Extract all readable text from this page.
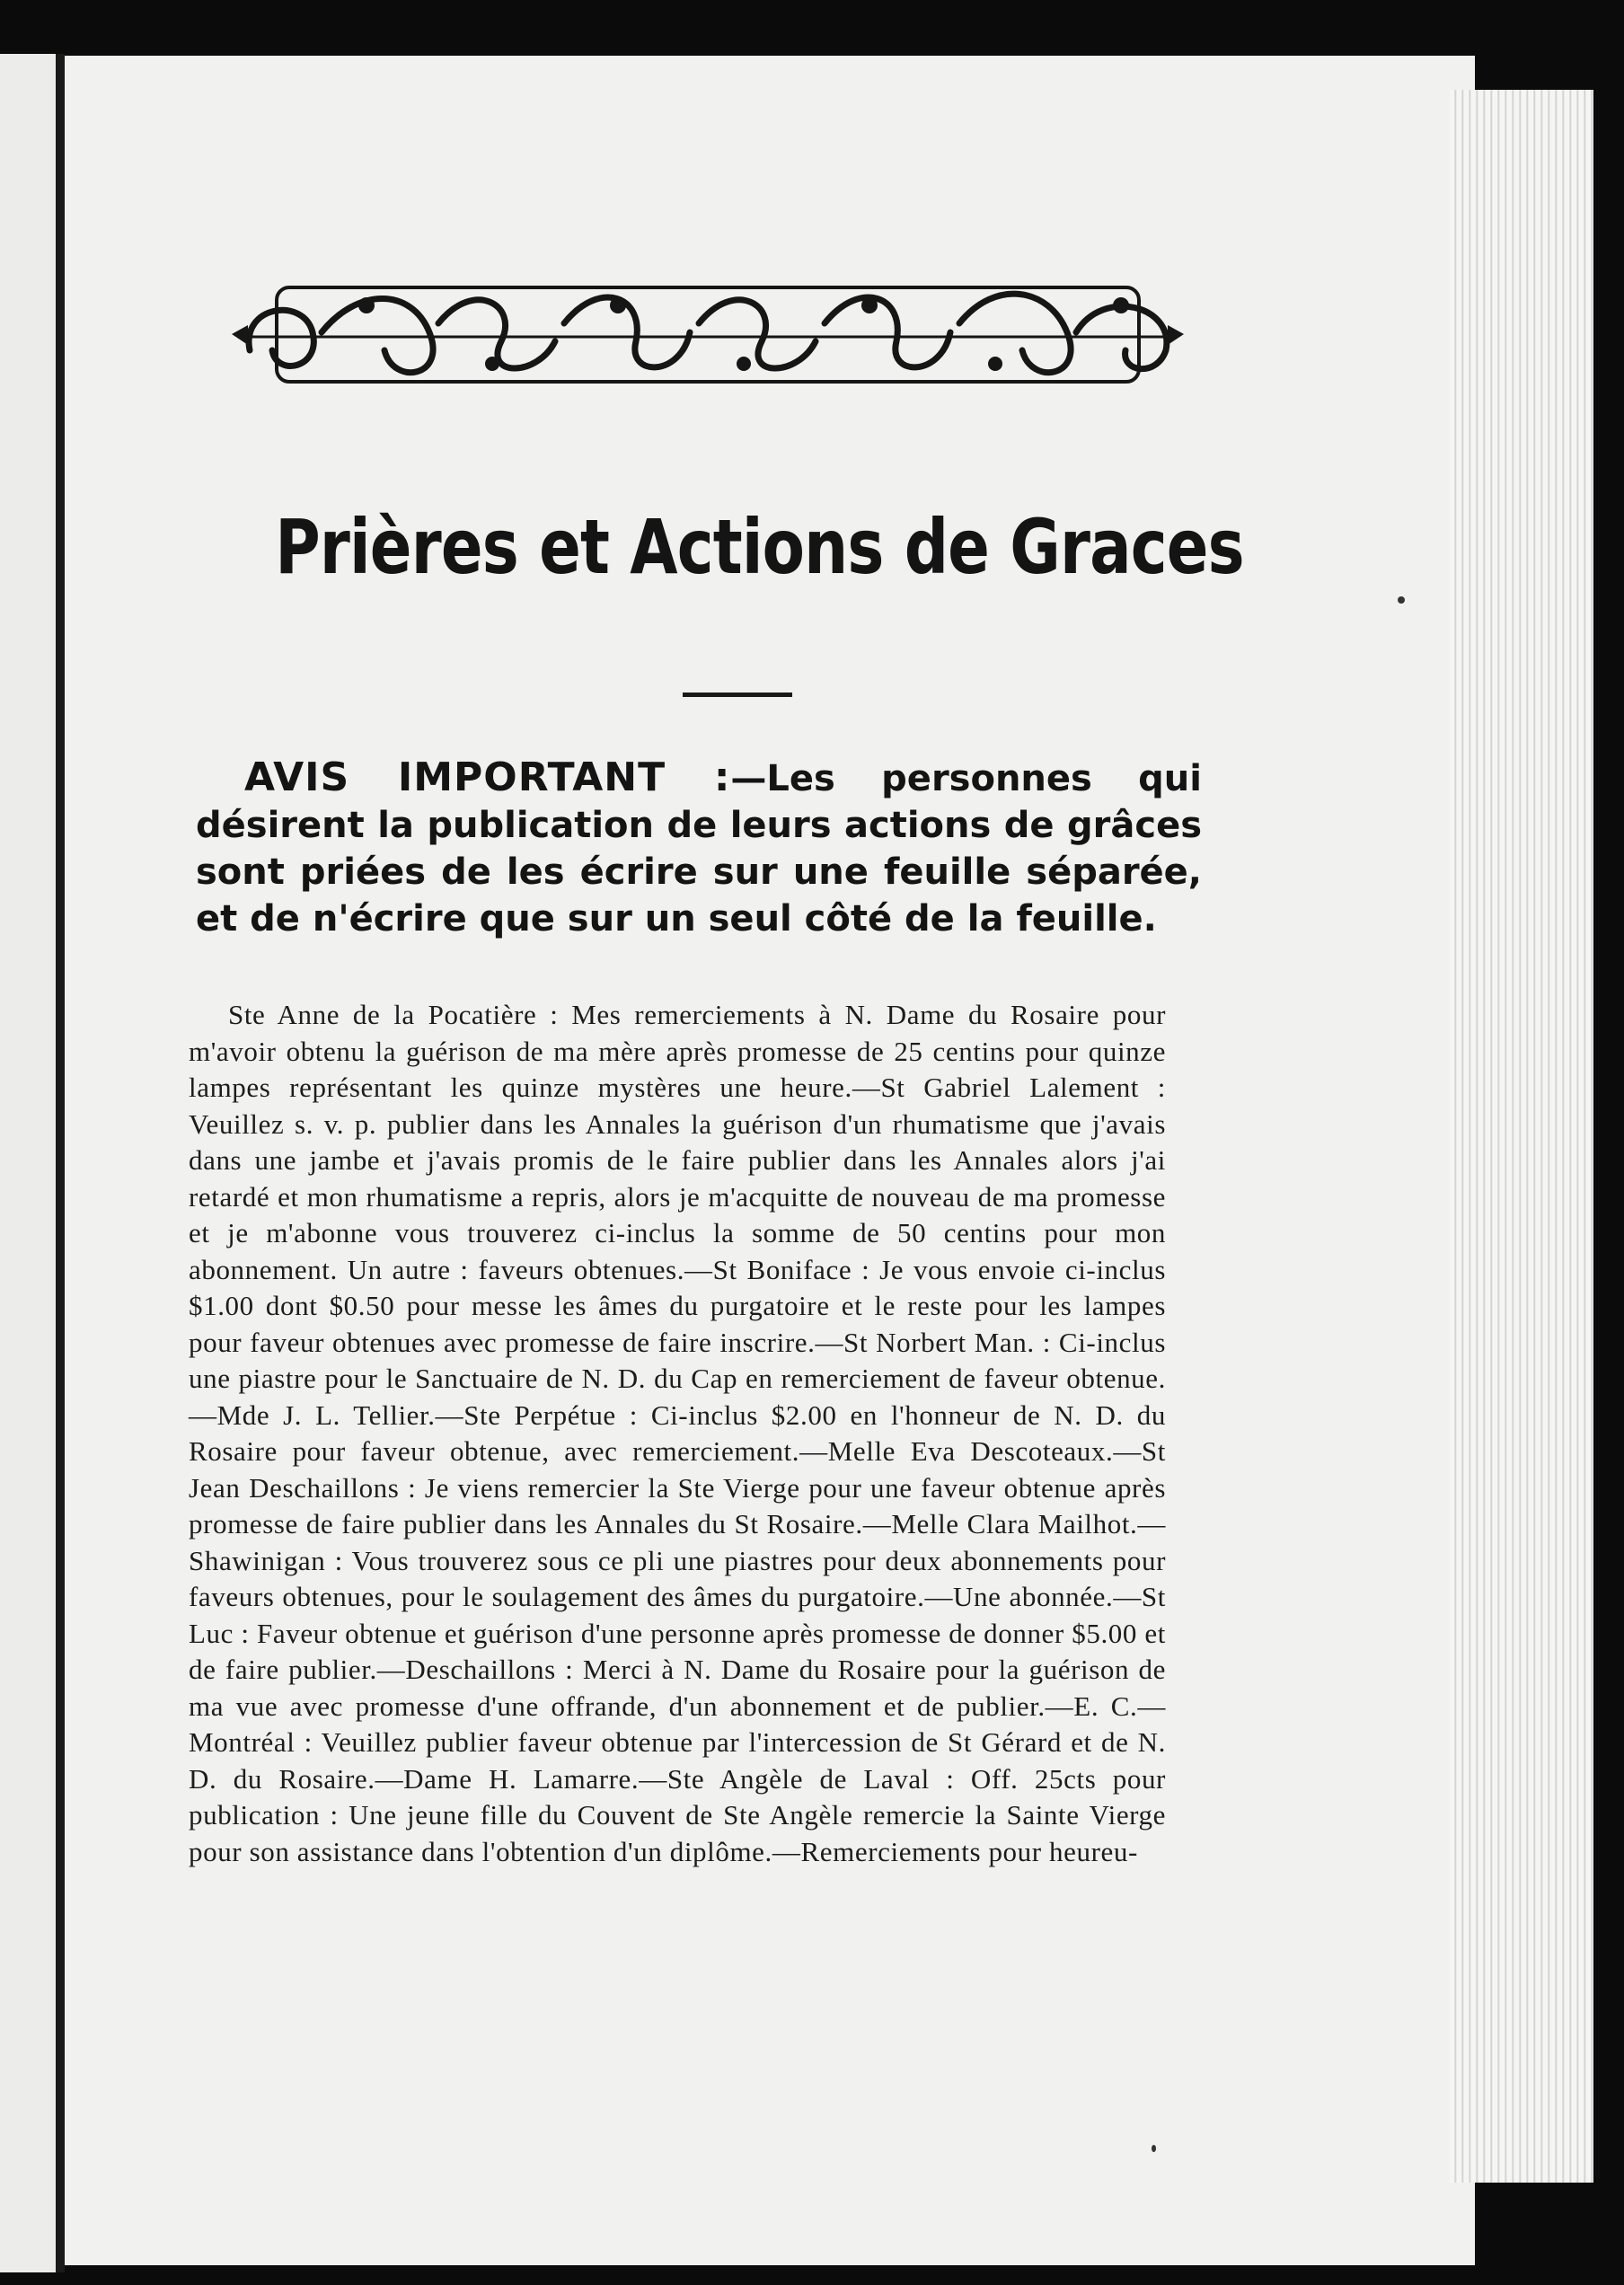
Prières et Actions de Graces
AVIS IMPORTANT :—Les personnes qui désirent la publication de leurs actions de grâces sont priées de les écrire sur une feuille séparée, et de n'écrire que sur un seul côté de la feuille.
Ste Anne de la Pocatière : Mes remerciements à N. Dame du Rosaire pour m'avoir obtenu la guérison de ma mère après promesse de 25 centins pour quinze lampes représentant les quinze mystères une heure.—St Gabriel Lalement : Veuillez s. v. p. publier dans les Annales la guérison d'un rhumatisme que j'avais dans une jambe et j'avais promis de le faire publier dans les Annales alors j'ai retardé et mon rhumatisme a repris, alors je m'acquitte de nouveau de ma promesse et je m'abonne vous trouverez ci-inclus la somme de 50 centins pour mon abonnement. Un autre : faveurs obtenues.—St Boniface : Je vous envoie ci-inclus $1.00 dont $0.50 pour messe les âmes du purgatoire et le reste pour les lampes pour faveur obtenues avec promesse de faire inscrire.—St Norbert Man. : Ci-inclus une piastre pour le Sanctuaire de N. D. du Cap en remerciement de faveur obtenue.—Mde J. L. Tellier.—Ste Perpétue : Ci-inclus $2.00 en l'honneur de N. D. du Rosaire pour faveur obtenue, avec remerciement.—Melle Eva Descoteaux.—St Jean Deschaillons : Je viens remercier la Ste Vierge pour une faveur obtenue après promesse de faire publier dans les Annales du St Rosaire.—Melle Clara Mailhot.—Shawinigan : Vous trouverez sous ce pli une piastres pour deux abonnements pour faveurs obtenues, pour le soulagement des âmes du purgatoire.—Une abonnée.—St Luc : Faveur obtenue et guérison d'une personne après promesse de donner $5.00 et de faire publier.—Deschaillons : Merci à N. Dame du Rosaire pour la guérison de ma vue avec promesse d'une offrande, d'un abonnement et de publier.—E. C.—Montréal : Veuillez publier faveur obtenue par l'intercession de St Gérard et de N. D. du Rosaire.—Dame H. Lamarre.—Ste Angèle de Laval : Off. 25cts pour publication : Une jeune fille du Couvent de Ste Angèle remercie la Sainte Vierge pour son assistance dans l'obtention d'un diplôme.—Remerciements pour heureu-
